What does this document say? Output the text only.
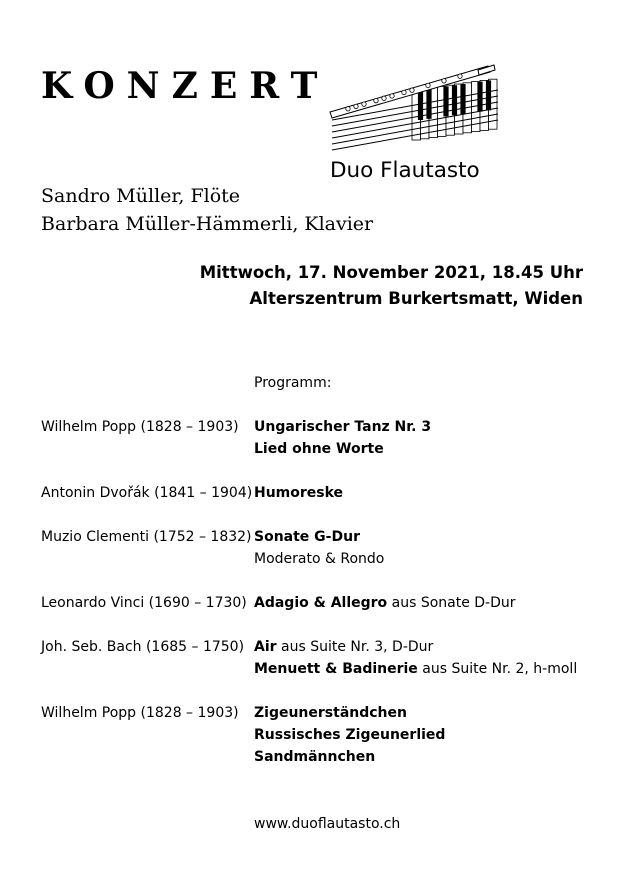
KONZERT
Duo Flautasto
Sandro Müller, Flöte
Barbara Müller-Hämmerli, Klavier
Mittwoch, 17. November 2021, 18.45 Uhr
Alterszentrum Burkertsmatt, Widen
Programm:
Wilhelm Popp (1828 – 1903) Ungarischer Tanz Nr. 3
Lied ohne Worte
Antonin Dvořák (1841 – 1904) Humoreske
Muzio Clementi (1752 – 1832) Sonate G-Dur
Moderato & Rondo
Leonardo Vinci (1690 – 1730) Adagio & Allegro aus Sonate D-Dur
Joh. Seb. Bach (1685 – 1750) Air aus Suite Nr. 3, D-Dur
Menuett & Badinerie aus Suite Nr. 2, h-moll
Wilhelm Popp (1828 – 1903) Zigeunerständchen
Russisches Zigeunerlied
Sandmännchen
www.duoflautasto.ch
